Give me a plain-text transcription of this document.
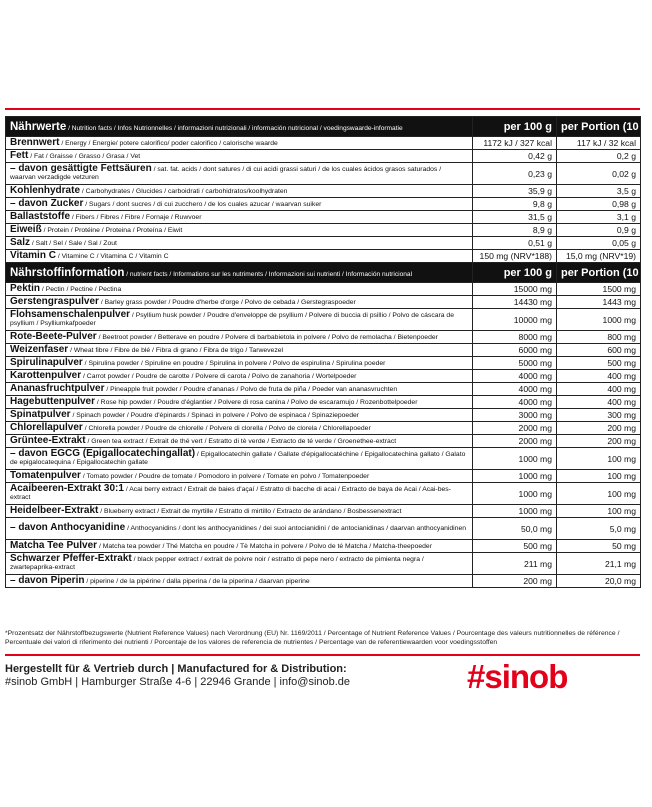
Nährwerte / Nutrition facts / Infos Nutrionnelles / informazioni nutrizionali / información nutricional / voedingswaarde-informatie	per 100 g	per Portion (10 g)
Brennwert / Energy / Energie/ potere calorifico/ poder calorifico / calorische waarde	1172 kJ / 327 kcal	117 kJ / 32 kcal
Fett / Fat / Graisse / Grasso / Grasa / Vet	0,42 g	0,2 g
– davon gesättigte Fettsäuren / sat. fat. acids / dont satures / di cui acidi grassi saturi / de los cuales ácidos grasos saturados / waarvan verzadigde vetzuren	0,23 g	0,02 g
Kohlenhydrate / Carbohydrates / Glucides / carboidrati / carbohidratos/koolhydraten	35,9 g	3,5 g
– davon Zucker / Sugars / dont sucres / di cui zucchero / de los cuales azucar / waarvan suiker	9,8 g	0,98 g
Ballaststoffe / Fibers / Fibres / Fibre / Fornaje / Ruwvoer	31,5 g	3,1 g
Eiweiß / Protein / Protéine / Proteina / Proteína / Eiwit	8,9 g	0,9 g
Salz / Salt / Sel / Sale / Sal / Zout	0,51 g	0,05 g
Vitamin C / Vitamine C / Vitamina C / Vitamin C	150 mg (NRV*188)	15,0 mg (NRV*19)
Nährstoffinformation / nutrient facts / Informations sur les nutriments / Informazioni sui nutrienti / Información nutricional	per 100 g	per Portion (10 g)
Pektin / Pectin / Pectine / Pectina	15000 mg	1500 mg
Gerstengraspulver / Barley grass powder / Poudre d'herbe d'orge / Polvo de cebada / Gerstegraspoeder	14430 mg	1443 mg
Flohsamenschalenpulver / Psyllium husk powder / Poudre d'enveloppe de psyllium / Polvere di buccia di psillio / Polvo de cáscara de psyllium / Psylliumkafpoeder	10000 mg	1000 mg
Rote-Beete-Pulver / Beetroot powder / Betterave en poudre / Polvere di barbabietola in polvere / Polvo de remolacha / Bietenpoeder	8000 mg	800 mg
Weizenfaser / Wheat fibre / Fibre de blé / Fibra di grano / Fibra de trigo / Tarwevezel	6000 mg	600 mg
Spirulinapulver / Spirulina powder / Spiruline en poudre / Spirulina in polvere / Polvo de espirulina / Spirulina poeder	5000 mg	500 mg
Karottenpulver / Carrot powder / Poudre de carotte / Polvere di carota / Polvo de zanahoria / Wortelpoeder	4000 mg	400 mg
Ananasfruchtpulver / Pineapple fruit powder / Poudre d'ananas / Polvo de fruta de piña / Poeder van ananasvruchten	4000 mg	400 mg
Hagebuttenpulver / Rose hip powder / Poudre d'églantier / Polvere di rosa canina / Polvo de escaramujo / Rozenbottelpoeder	4000 mg	400 mg
Spinatpulver / Spinach powder / Poudre d'épinards / Spinaci in polvere / Polvo de espinaca / Spinaziepoeder	3000 mg	300 mg
Chlorellapulver / Chlorella powder / Poudre de chlorelle / Polvere di clorella / Polvo de clorela / Chlorellapoeder	2000 mg	200 mg
Grüntee-Extrakt / Green tea extract / Extrait de thé vert / Estratto di tè verde / Extracto de té verde / Groenethee-extract	2000 mg	200 mg
– davon EGCG (Epigallocatechingallat) / Epigallocatechin gallate / Gallate d'épigallocatéchine / Epigallocatechina gallato / Galato de epigalocatequina / Epigallocatechin gallate	1000 mg	100 mg
Tomatenpulver / Tomato powder / Poudre de tomate / Pomodoro in polvere / Tomate en polvo / Tomatenpoeder	1000 mg	100 mg
Acaibeeren-Extrakt 30:1 / Acai berry extract / Extrait de baies d'açaí / Estratto di bacche di acai / Extracto de baya de Acai / Acai-bes-extract	1000 mg	100 mg
Heidelbeer-Extrakt / Blueberry extract / Extrait de myrtille / Estratto di mirtillo / Extracto de arándano / Bosbessenextract	1000 mg	100 mg
– davon Anthocyanidine / Anthocyanidins / dont les anthocyanidines / dei suoi antocianidini / de antocianidinas / daarvan anthocyanidinen	50,0 mg	5,0 mg
Matcha Tee Pulver / Matcha tea powder / Thé Matcha en poudre / Tè Matcha in polvere / Polvo de té Matcha / Matcha-theepoeder	500 mg	50 mg
Schwarzer Pfeffer-Extrakt / black pepper extract / extrait de poivre noir / estratto di pepe nero / extracto de pimienta negra / zwartepaprika-extract	211 mg	21,1 mg
– davon Piperin / piperine / de la pipérine / dalla piperina / de la piperina / daarvan piperine	200 mg	20,0 mg
*Prozentsatz der Nährstoffbezugswerte (Nutrient Reference Values) nach Verordnung (EU) Nr. 1169/2011 / Percentage of Nutrient Reference Values / Pourcentage des valeurs nutritionnelles de référence / Percentuale dei valori di riferimento dei nutrienti / Porcentaje de los valores de referencia de nutrientes / Percentage van de referentiewaarden voor voedingsstoffen
Hergestellt für & Vertrieb durch | Manufactured for & Distribution:
#sinob GmbH | Hamburger Straße 4-6 | 22946 Grande | info@sinob.de	#sinob
